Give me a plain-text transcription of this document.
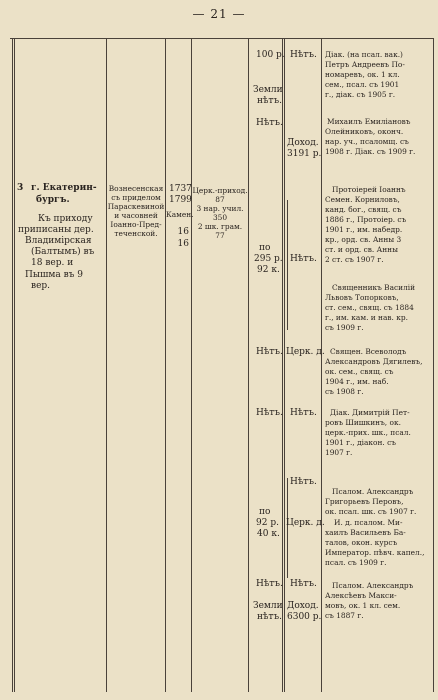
— 21 —
3 г. Екатерин-
бургъ.
Къ приходу
приписаны дер.
Владимірская
(Балтымъ) въ
18 вер. и
Пышма въ 9
вер.
Вознесенская
съ приделом
Параскевиной
и часовней
Іоанно-Пред-
теченской.
1737
1799
Камен.
16
16
Церк.-приход.
87
3 нар. учил.
350
2 шк. грам.
77
100 р. Нѣтъ. Діак. (на псал. вак.)
Петръ Андреевъ По-
номаревъ, ок. 1 кл.
сем., псал. съ 1901
г., діак. съ 1905 г.
Земли
нѣтъ.
Нѣтъ.
Доход.
3191 р.
Михаилъ Емиліановъ
Олейниковъ, оконч.
нар. уч., псаломщ. съ
1908 г. Діак. съ 1909 г.
Протоіерей Іоаннъ
Семен. Корниловъ,
канд. бог., свящ. съ
1886 г., Протоіер. съ
1901 г., им. набедр.
кр., орд. св. Анны 3
ст. и орд. св. Анны
2 ст. съ 1907 г.
по
295 р.
92 к.
Нѣтъ.
Священникъ Василій
Львовъ Топорковъ,
ст. сем., свящ. съ 1884
г., им. кам. и нав. кр.
съ 1909 г.
Нѣтъ. Церк. д. Священ. Всеволодъ
Александровъ Дягилевъ,
ок. сем., свящ. съ
1904 г., им. наб.
съ 1908 г.
Нѣтъ. Нѣтъ. Діак. Димитрій Пет-
ровъ Шишкинъ, ок.
церк.-прих. шк., псал.
1901 г., діакон. съ
1907 г.
Нѣтъ.
Псалом. Александръ
Григорьевъ Перовъ,
ок. псал. шк. съ 1907 г.
по
92 р.
40 к.
Церк. д. И. д. псалом. Ми-
хаилъ Васильевъ Ба-
талов, окон. курсъ
Император. пѣвч. капел.,
псал. съ 1909 г.
Нѣтъ. Нѣтъ.
Земли
нѣтъ.
Доход.
6300 р.
Псалом. Александръ
Алексѣевъ Макси-
мовъ, ок. 1 кл. сем.
съ 1887 г.
